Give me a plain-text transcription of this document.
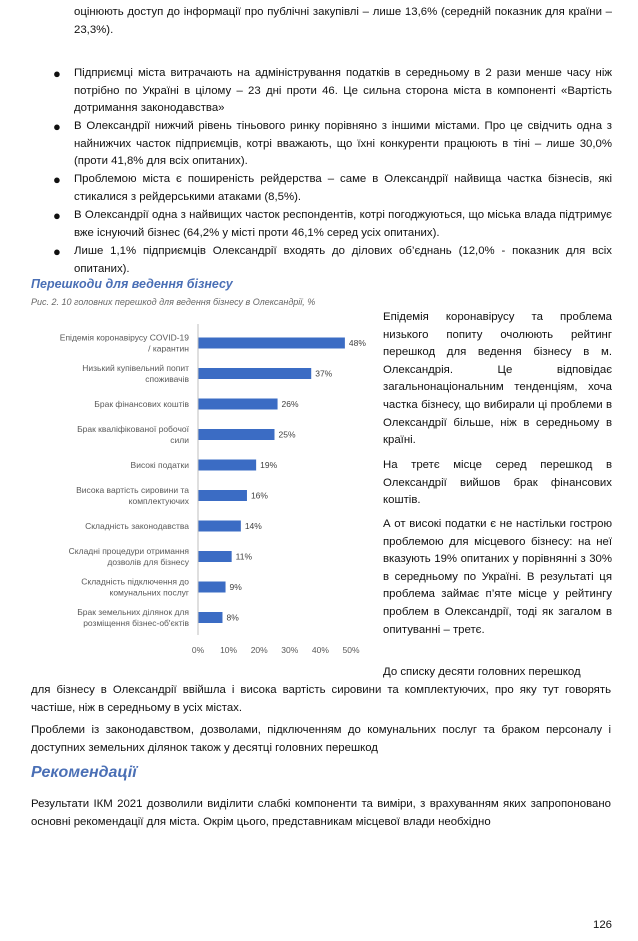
оцінюють доступ до інформації про публічні закупівлі – лише 13,6% (середній показник для країни – 23,3%).

● Підприємці міста витрачають на адміністрування податків в середньому в 2 рази менше часу ніж потрібно по Україні в цілому – 23 дні проти 46. Це сильна сторона міста в компоненті «Вартість дотримання законодавства»

● В Олександрії нижчий рівень тіньового ринку порівняно з іншими містами. Про це свідчить одна з найнижчих часток підприємців, котрі вважають, що їхні конкуренти працюють в тіні – лише 30,0% (проти 41,8% для всіх опитаних).

● Проблемою міста є поширеність рейдерства – саме в Олександрії найвища частка бізнесів, які стикалися з рейдерськими атаками (8,5%).

● В Олександрії одна з найвищих часток респондентів, котрі погоджуються, що міська влада підтримує вже існуючий бізнес (64,2% у місті проти 46,1% серед усіх опитаних).

● Лише 1,1% підприємців Олександрії входять до ділових об’єднань (12,0% - показник для всіх опитаних).

Перешкоди для ведення бізнесу
Рис. 2. 10 головних перешкод для ведення бізнесу в Олександрії, %
48%
Епідемія коронавірусу COVID-19
/ карантин
37%
Низький купівельний попит
споживачів
26%
Брак фінансових коштів
25%
Брак кваліфікованої робочої
сили
19%
Високі податки
16%
Висока вартість сировини та
комплектуючих
14%
Складність законодавства
11%
Складні процедури отримання
дозволів для бізнесу
9%
Складність підключення до
комунальних послуг
8%
Брак земельних ділянок для
розміщення бізнес-об'єктів
0% 10% 20% 30% 40% 50%

Епідемія коронавірусу та проблема низького попиту очолюють рейтинг перешкод для ведення бізнесу в м. Олександрія. Це відповідає загальнонаціональним тенденціям, хоча частка бізнесу, що вибирали ці проблеми в Олександрії більше, ніж в середньому в країні.

На третє місце серед перешкод в Олександрії вийшов брак фінансових коштів.

А от високі податки є не настільки гострою проблемою для місцевого бізнесу: на неї вказують 19% опитаних у порівнянні з 30% в середньому по Україні. В результаті ця проблема займає п’яте місце у рейтингу проблем в Олександрії, тоді як загалом в опитуванні – третє.

До списку десяти головних перешкод

для бізнесу в Олександрії ввійшла і висока вартість сировини та комплектуючих, про яку тут говорять частіше, ніж в середньому в усіх містах.

Проблеми із законодавством, дозволами, підключенням до комунальних послуг та браком персоналу і доступних земельних ділянок також у десятці головних перешкод

Рекомендації

Результати ІКМ 2021 дозволили виділити слабкі компоненти та виміри, з врахуванням яких запропоновано основні рекомендації для міста. Окрім цього, представникам місцевої влади необхідно

126
